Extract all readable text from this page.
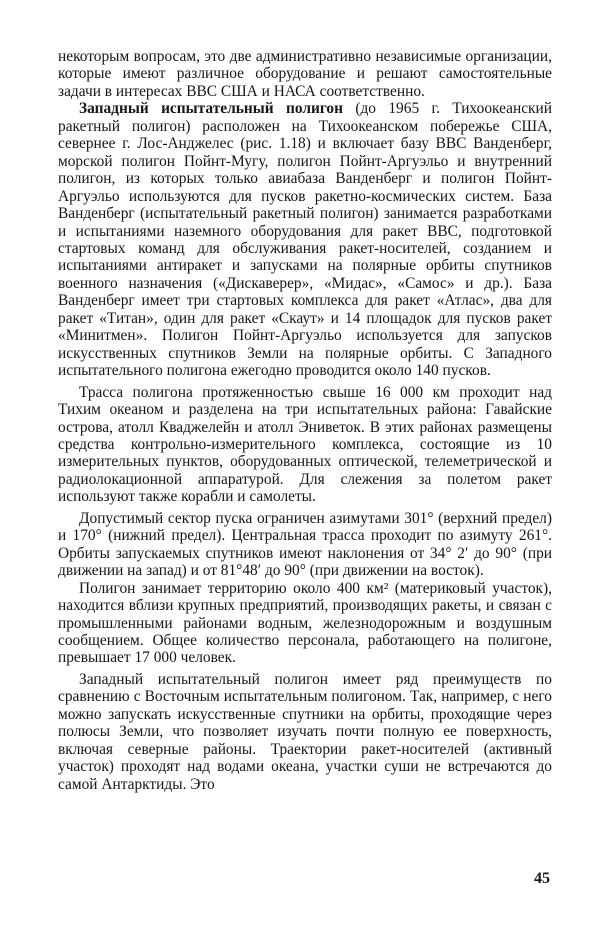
некоторым вопросам, это две административно независимые организации, которые имеют различное оборудование и решают самостоятельные задачи в интересах ВВС США и НАСА соответственно.

Западный испытательный полигон (до 1965 г. Тихоокеанский ракетный полигон) расположен на Тихоокеанском побережье США, севернее г. Лос-Анджелес (рис. 1.18) и включает базу ВВС Ванденберг, морской полигон Пойнт-Мугу, полигон Пойнт-Аргуэльо и внутренний полигон, из которых только авиабаза Ванденберг и полигон Пойнт-Аргуэльо используются для пусков ракетно-космических систем. База Ванденберг (испытательный ракетный полигон) занимается разработками и испытаниями наземного оборудования для ракет ВВС, подготовкой стартовых команд для обслуживания ракет-носителей, созданием и испытаниями антиракет и запусками на полярные орбиты спутников военного назначения («Дискаверер», «Мидас», «Самос» и др.). База Ванденберг имеет три стартовых комплекса для ракет «Атлас», два для ракет «Титан», один для ракет «Скаут» и 14 площадок для пусков ракет «Минитмен». Полигон Пойнт-Аргуэльо используется для запусков искусственных спутников Земли на полярные орбиты. С Западного испытательного полигона ежегодно проводится около 140 пусков.

Трасса полигона протяженностью свыше 16 000 км проходит над Тихим океаном и разделена на три испытательных района: Гавайские острова, атолл Кваджелейн и атолл Эниветок. В этих районах размещены средства контрольно-измерительного комплекса, состоящие из 10 измерительных пунктов, оборудованных оптической, телеметрической и радиолокационной аппаратурой. Для слежения за полетом ракет используют также корабли и самолеты.

Допустимый сектор пуска ограничен азимутами 301° (верхний предел) и 170° (нижний предел). Центральная трасса проходит по азимуту 261°. Орбиты запускаемых спутников имеют наклонения от 34° 2′ до 90° (при движении на запад) и от 81°48′ до 90° (при движении на восток).

Полигон занимает территорию около 400 км² (материковый участок), находится вблизи крупных предприятий, производящих ракеты, и связан с промышленными районами водным, железнодорожным и воздушным сообщением. Общее количество персонала, работающего на полигоне, превышает 17 000 человек.

Западный испытательный полигон имеет ряд преимуществ по сравнению с Восточным испытательным полигоном. Так, например, с него можно запускать искусственные спутники на орбиты, проходящие через полюсы Земли, что позволяет изучать почти полную ее поверхность, включая северные районы. Траектории ракет-носителей (активный участок) проходят над водами океана, участки суши не встречаются до самой Антарктиды. Это

45
